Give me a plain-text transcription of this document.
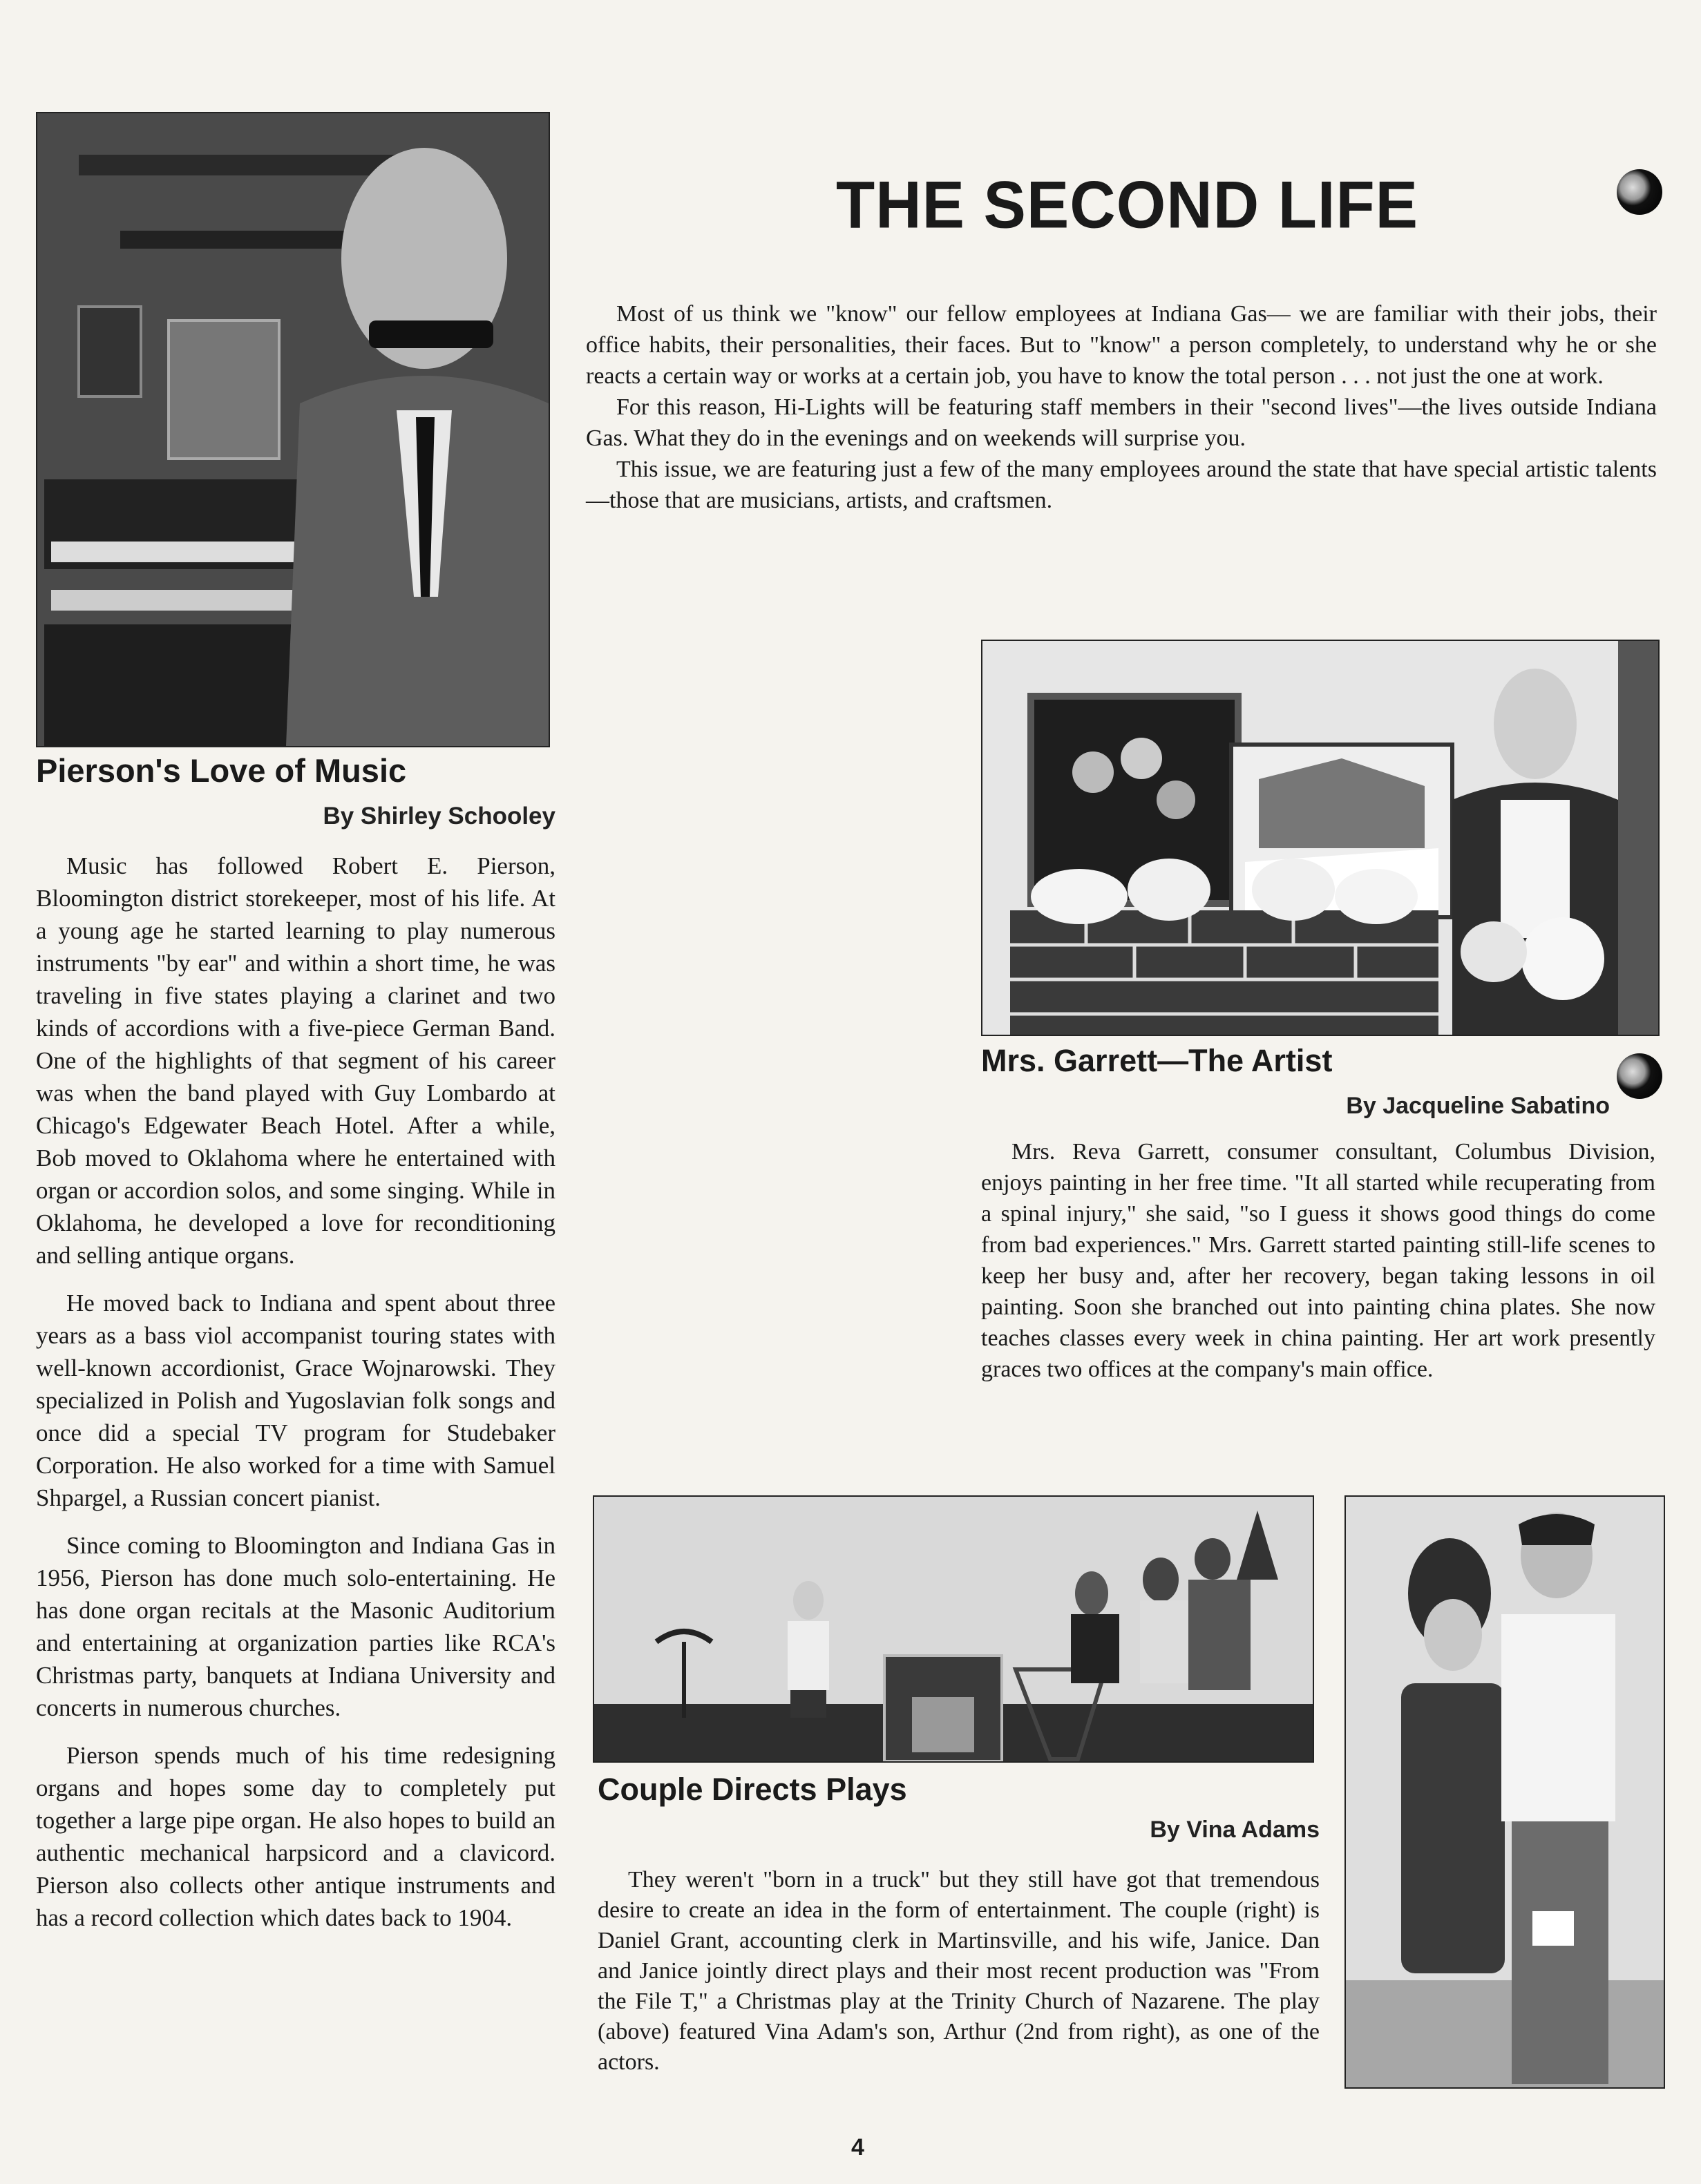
THE SECOND LIFE

Most of us think we "know" our fellow employees at Indiana Gas— we are familiar with their jobs, their office habits, their personalities, their faces. But to "know" a person completely, to understand why he or she reacts a certain way or works at a certain job, you have to know the total person . . . not just the one at work.

For this reason, Hi-Lights will be featuring staff members in their "second lives"—the lives outside Indiana Gas. What they do in the evenings and on weekends will surprise you.

This issue, we are featuring just a few of the many employees around the state that have special artistic talents—those that are musicians, artists, and craftsmen.

Pierson's Love of Music
By Shirley Schooley

Music has followed Robert E. Pierson, Bloomington district storekeeper, most of his life. At a young age he started learning to play numerous instruments "by ear" and within a short time, he was traveling in five states playing a clarinet and two kinds of accordions with a five-piece German Band. One of the highlights of that segment of his career was when the band played with Guy Lombardo at Chicago's Edgewater Beach Hotel. After a while, Bob moved to Oklahoma where he entertained with organ or accordion solos, and some singing. While in Oklahoma, he developed a love for reconditioning and selling antique organs.

He moved back to Indiana and spent about three years as a bass viol accompanist touring states with well-known accordionist, Grace Wojnarowski. They specialized in Polish and Yugoslavian folk songs and once did a special TV program for Studebaker Corporation. He also worked for a time with Samuel Shpargel, a Russian concert pianist.

Since coming to Bloomington and Indiana Gas in 1956, Pierson has done much solo-entertaining. He has done organ recitals at the Masonic Auditorium and entertaining at organization parties like RCA's Christmas party, banquets at Indiana University and concerts in numerous churches.

Pierson spends much of his time redesigning organs and hopes some day to completely put together a large pipe organ. He also hopes to build an authentic mechanical harpsicord and a clavicord. Pierson also collects other antique instruments and has a record collection which dates back to 1904.

Mrs. Garrett—The Artist
By Jacqueline Sabatino

Mrs. Reva Garrett, consumer consultant, Columbus Division, enjoys painting in her free time. "It all started while recuperating from a spinal injury," she said, "so I guess it shows good things do come from bad experiences." Mrs. Garrett started painting still-life scenes to keep her busy and, after her recovery, began taking lessons in oil painting. Soon she branched out into painting china plates. She now teaches classes every week in china painting. Her art work presently graces two offices at the company's main office.

Couple Directs Plays
By Vina Adams

They weren't "born in a truck" but they still have got that tremendous desire to create an idea in the form of entertainment. The couple (right) is Daniel Grant, accounting clerk in Martinsville, and his wife, Janice. Dan and Janice jointly direct plays and their most recent production was "From the File T," a Christmas play at the Trinity Church of Nazarene. The play (above) featured Vina Adam's son, Arthur (2nd from right), as one of the actors.

4
